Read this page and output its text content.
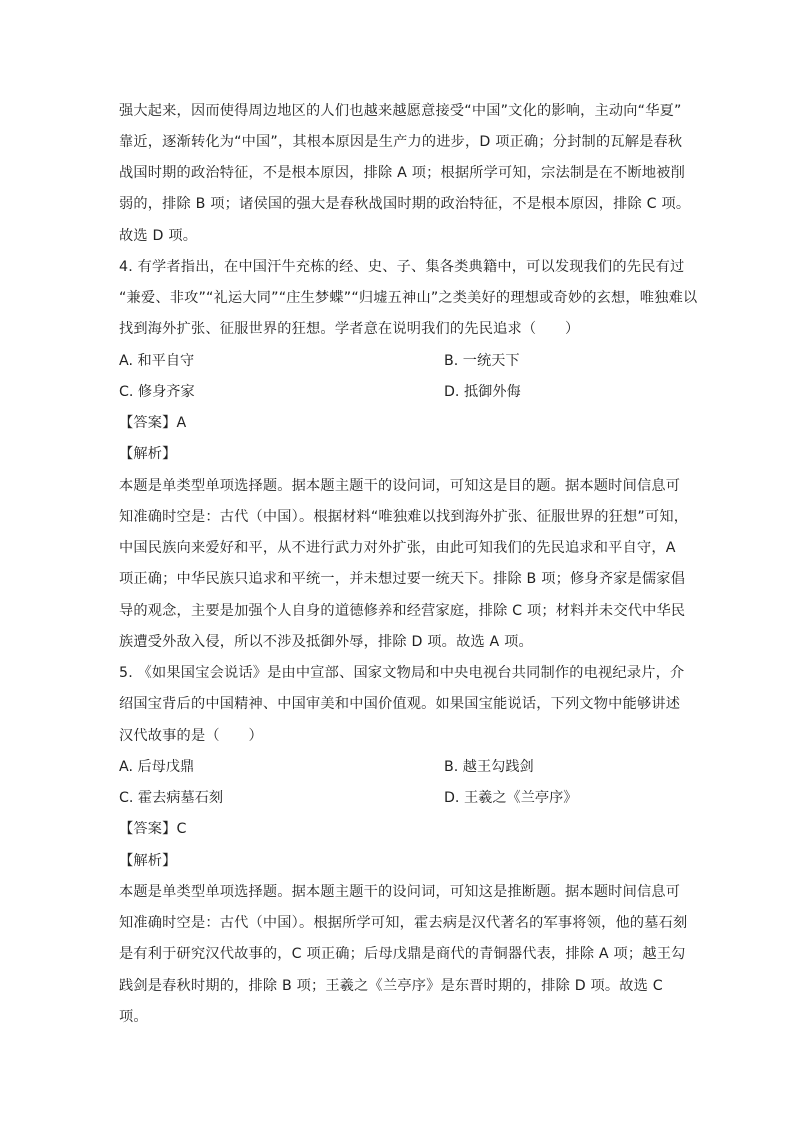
强大起来，因而使得周边地区的人们也越来越愿意接受“中国”文化的影响，主动向“华夏”
靠近，逐渐转化为“中国”，其根本原因是生产力的进步，D 项正确；分封制的瓦解是春秋
战国时期的政治特征，不是根本原因，排除 A 项；根据所学可知，宗法制是在不断地被削
弱的，排除 B 项；诸侯国的强大是春秋战国时期的政治特征，不是根本原因，排除 C 项。
故选 D 项。
4. 有学者指出，在中国汗牛充栋的经、史、子、集各类典籍中，可以发现我们的先民有过
“兼爱、非攻”“礼运大同”“庄生梦蝶”“归墟五神山”之类美好的理想或奇妙的玄想，唯独难以
找到海外扩张、征服世界的狂想。学者意在说明我们的先民追求（　　）
A. 和平自守	B. 一统天下
C. 修身齐家	D. 抵御外侮
【答案】A
【解析】
本题是单类型单项选择题。据本题主题干的设问词，可知这是目的题。据本题时间信息可
知准确时空是：古代（中国）。根据材料“唯独难以找到海外扩张、征服世界的狂想”可知，
中国民族向来爱好和平，从不进行武力对外扩张，由此可知我们的先民追求和平自守，A
项正确；中华民族只追求和平统一，并未想过要一统天下。排除 B 项；修身齐家是儒家倡
导的观念，主要是加强个人自身的道德修养和经营家庭，排除 C 项；材料并未交代中华民
族遭受外敌入侵，所以不涉及抵御外辱，排除 D 项。故选 A 项。
5. 《如果国宝会说话》是由中宣部、国家文物局和中央电视台共同制作的电视纪录片，介
绍国宝背后的中国精神、中国审美和中国价值观。如果国宝能说话，下列文物中能够讲述
汉代故事的是（　　）
A. 后母戊鼎	B. 越王勾践剑
C. 霍去病墓石刻	D. 王羲之《兰亭序》
【答案】C
【解析】
本题是单类型单项选择题。据本题主题干的设问词，可知这是推断题。据本题时间信息可
知准确时空是：古代（中国）。根据所学可知，霍去病是汉代著名的军事将领，他的墓石刻
是有利于研究汉代故事的，C 项正确；后母戊鼎是商代的青铜器代表，排除 A 项；越王勾
践剑是春秋时期的，排除 B 项；王羲之《兰亭序》是东晋时期的，排除 D 项。故选 C
项。
